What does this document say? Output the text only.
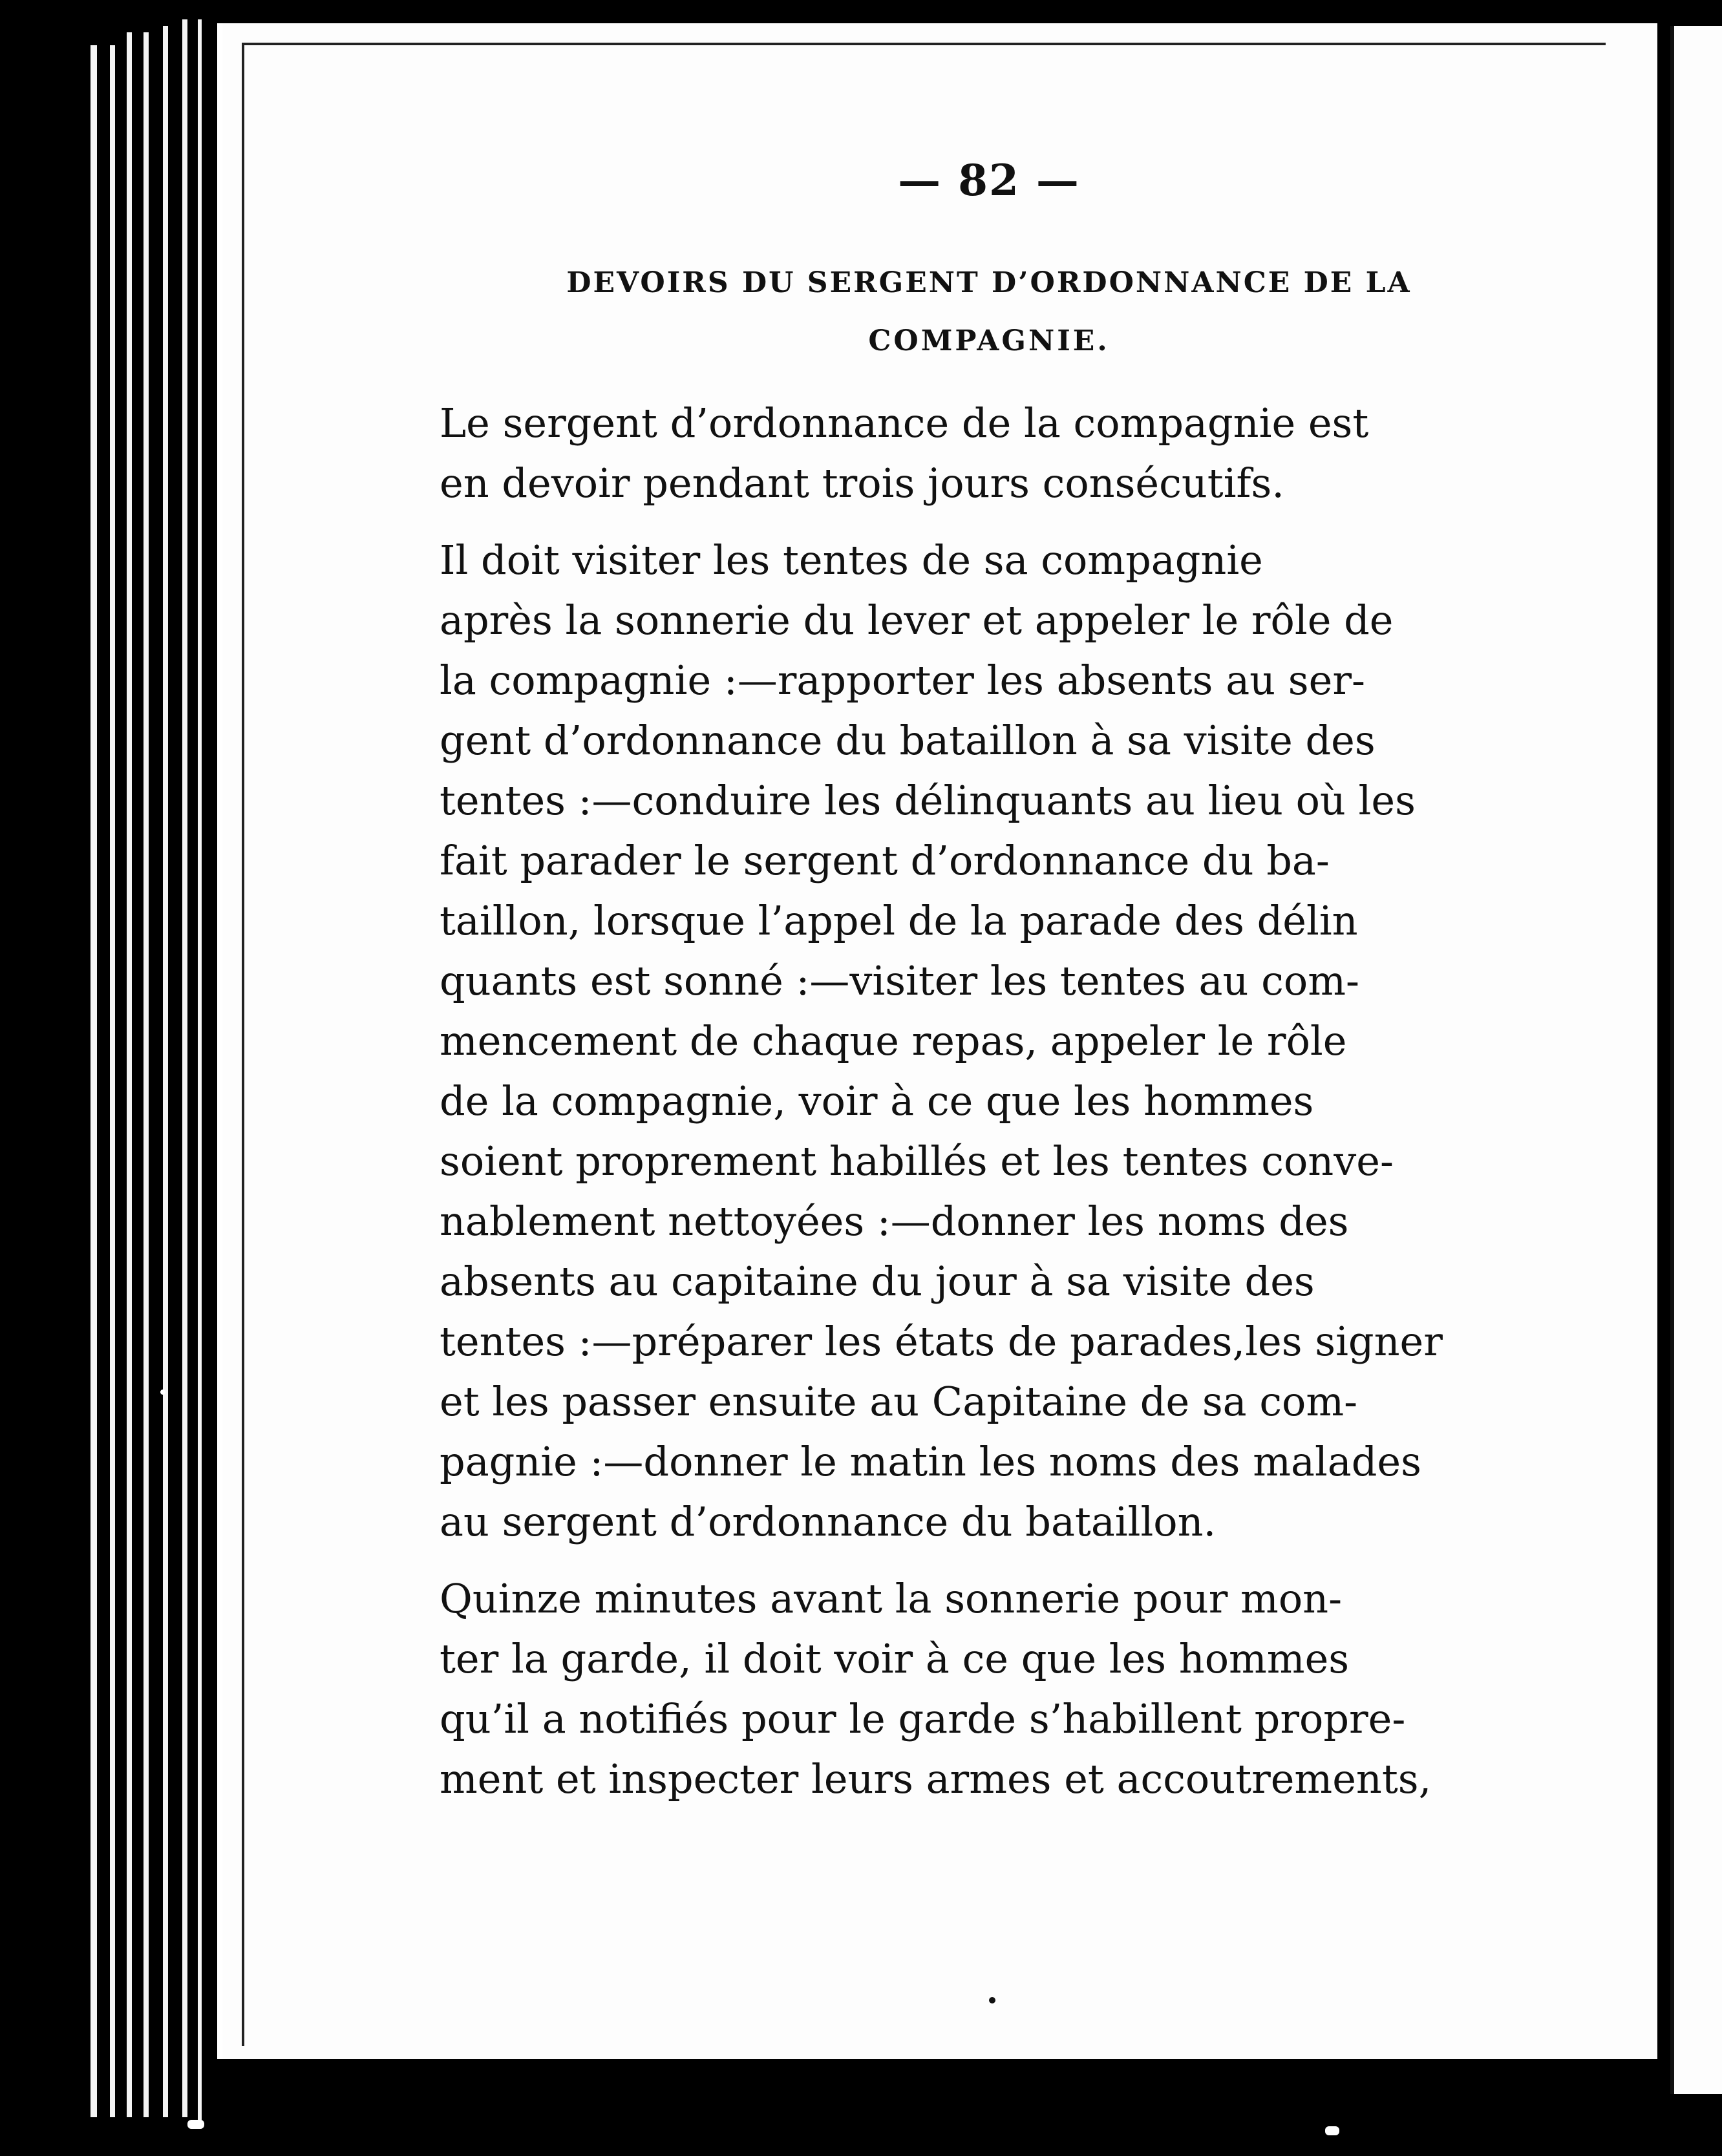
— 82 —
DEVOIRS DU SERGENT D’ORDONNANCE DE LA
COMPAGNIE.
Le sergent d’ordonnance de la compagnie est
en devoir pendant trois jours consécutifs.
Il doit visiter les tentes de sa compagnie
après la sonnerie du lever et appeler le rôle de
la compagnie :—rapporter les absents au ser-
gent d’ordonnance du bataillon à sa visite des
tentes :—conduire les délinquants au lieu où les
fait parader le sergent d’ordonnance du ba-
taillon, lorsque l’appel de la parade des délin
quants est sonné :—visiter les tentes au com-
mencement de chaque repas, appeler le rôle
de la compagnie, voir à ce que les hommes
soient proprement habillés et les tentes conve-
nablement nettoyées :—donner les noms des
absents au capitaine du jour à sa visite des
tentes :—préparer les états de parades,les signer
et les passer ensuite au Capitaine de sa com-
pagnie :—donner le matin les noms des malades
au sergent d’ordonnance du bataillon.
Quinze minutes avant la sonnerie pour mon-
ter la garde, il doit voir à ce que les hommes
qu’il a notifiés pour le garde s’habillent propre-
ment et inspecter leurs armes et accoutrements,
